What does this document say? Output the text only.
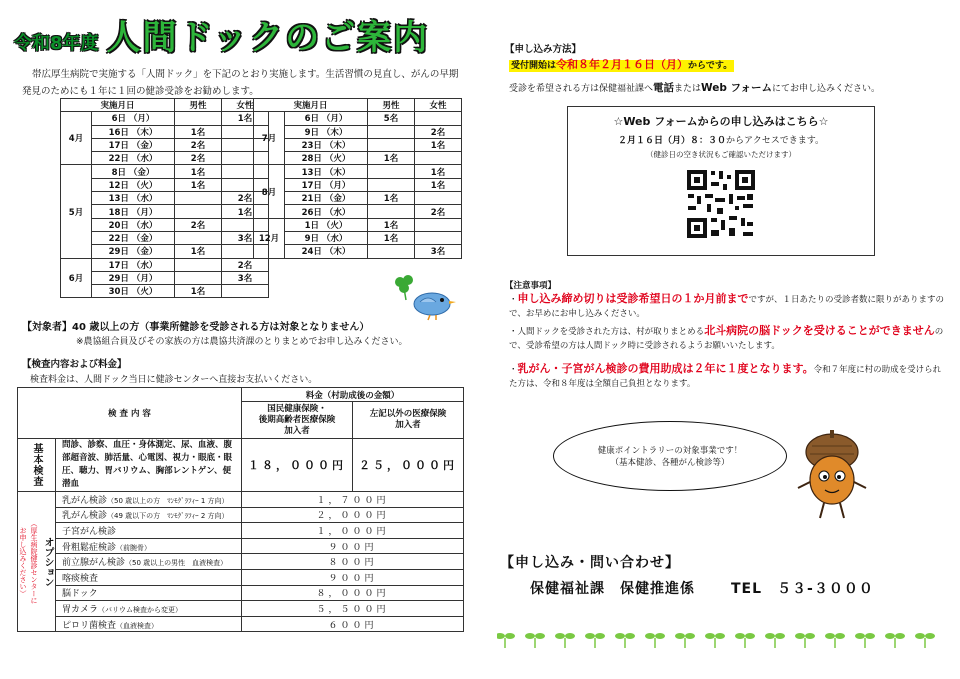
令和8年度 人間ドックのご案内
帯広厚生病院で実施する「人間ドック」を下記のとおり実施します。生活習慣の見直し、がんの早期発見のためにも１年に１回の健診受診をお勧めします。
実施月日		男性	女性
4月	6日 （月）		1名
	16日 （木）	1名	
	17日 （金）	2名	
	22日 （水）	2名	
5月	8日 （金）	1名	
	12日 （火）	1名	
	13日 （水）		2名
	18日 （月）		1名
	20日 （水）	2名	
	22日 （金）		3名
	29日 （金）	1名	
6月	17日 （水）		2名
	29日 （月）		3名
	30日 （火）	1名	
実施月日		男性	女性
7月	6日 （月）	5名	
	9日 （木）		2名
	23日 （木）		1名
	28日 （火）	1名	
8月	13日 （木）		1名
	17日 （月）		1名
	21日 （金）	1名	
	26日 （水）		2名
12月	1日 （火）	1名	
	9日 （水）	1名	
	24日 （木）		3名
【対象者】40 歳以上の方（事業所健診を受診される方は対象となりません）
※農協組合員及びその家族の方は農協共済課のとりまとめでお申し込みください。
【検査内容および料金】
検査料金は、人間ドック当日に健診センターへ直接お支払いください。
検 査 内 容		料金（村助成後の金額）	
		国民健康保険・
後期高齢者医療保険
加入者	左記以外の医療保険
加入者

基本検査	問診、診察、血圧・身体測定、尿、血液、腹部超音波、肺活量、心電図、視力・眼底・眼圧、聴力、胃バリウム、胸部レントゲン、便潜血	１８，０００円	２５，０００円

オプション
（厚生病院健診センターに
お申し込みください）	乳がん検診（50 歳以上の方　ﾏﾝﾓｸﾞﾗﾌｨｰ 1 方向）	１，７００円	
	乳がん検診（49 歳以下の方　ﾏﾝﾓｸﾞﾗﾌｨｰ 2 方向）	２，０００円	
	子宮がん検診	１，０００円	
	骨粗鬆症検診（前腕骨）	９００円	
	前立腺がん検診（50 歳以上の男性　血液検査）	８００円	
	喀痰検査	９００円	
	脳ドック	８，０００円	
	胃カメラ（バリウム検査から変更）	５，５００円	
	ピロリ菌検査（血液検査）	６００円	
【申し込み方法】
受付開始は令和８年２月１６日（月）からです。
受診を希望される方は保健福祉課へ電話またはWeb フォームにてお申し込みください。
☆Web フォームからの申し込みはこちら☆
２月１６日（月）８：３０からアクセスできます。
（健診日の空き状況もご確認いただけます）
【注意事項】
・申し込み締め切りは受診希望日の１か月前までですが、１日あたりの受診者数に限りがありますので、お早めにお申し込みください。
・人間ドックを受診された方は、村が取りまとめる北斗病院の脳ドックを受けることができませんので、受診希望の方は人間ドック時に受診されるようお願いいたします。
・乳がん・子宮がん検診の費用助成は２年に１度となります。令和７年度に村の助成を受けられた方は、令和８年度は全額自己負担となります。
健康ポイントラリーの対象事業です！
（基本健診、各種がん検診等）
【申し込み・問い合わせ】
保健福祉課　保健推進係	TEL　５３-３０００
